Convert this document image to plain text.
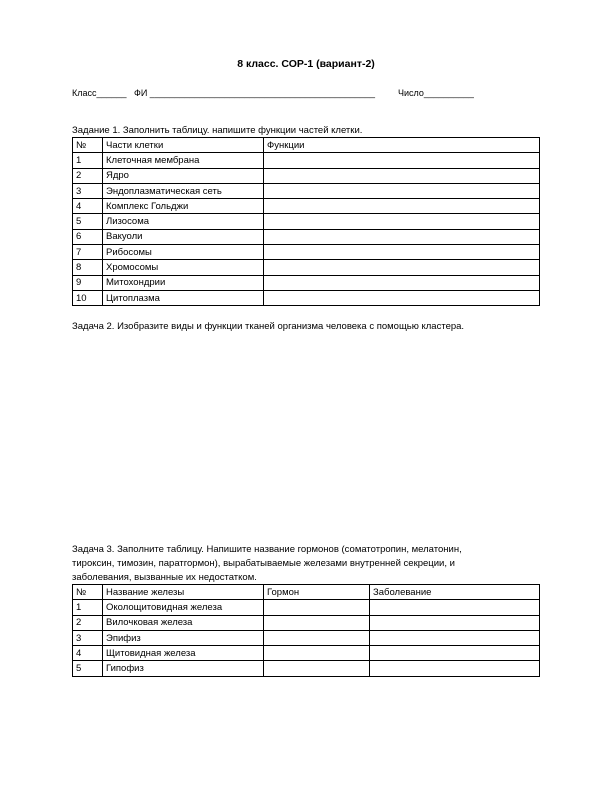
8 класс. СОР-1 (вариант-2)
Класс______ ФИ _____________________________________________	Число__________
Задание 1. Заполнить таблицу. напишите функции частей клетки.
№	Части клетки	Функции
1	Клеточная мембрана	
2	Ядро	
3	Эндоплазматическая сеть	
4	Комплекс Гольджи	
5	Лизосома	
6	Вакуоли	
7	Рибосомы	
8	Хромосомы	
9	Митохондрии	
10	Цитоплазма	
Задача 2. Изобразите виды и функции тканей организма человека с помощью кластера.
Задача 3. Заполните таблицу. Напишите название гормонов (соматотропин, мелатонин,
тироксин, тимозин, паратгормон), вырабатываемые железами внутренней секреции, и
заболевания, вызванные их недостатком.
№	Название железы	Гормон	Заболевание
1	Околощитовидная железа		
2	Вилочковая железа		
3	Эпифиз		
4	Щитовидная железа		
5	Гипофиз		
